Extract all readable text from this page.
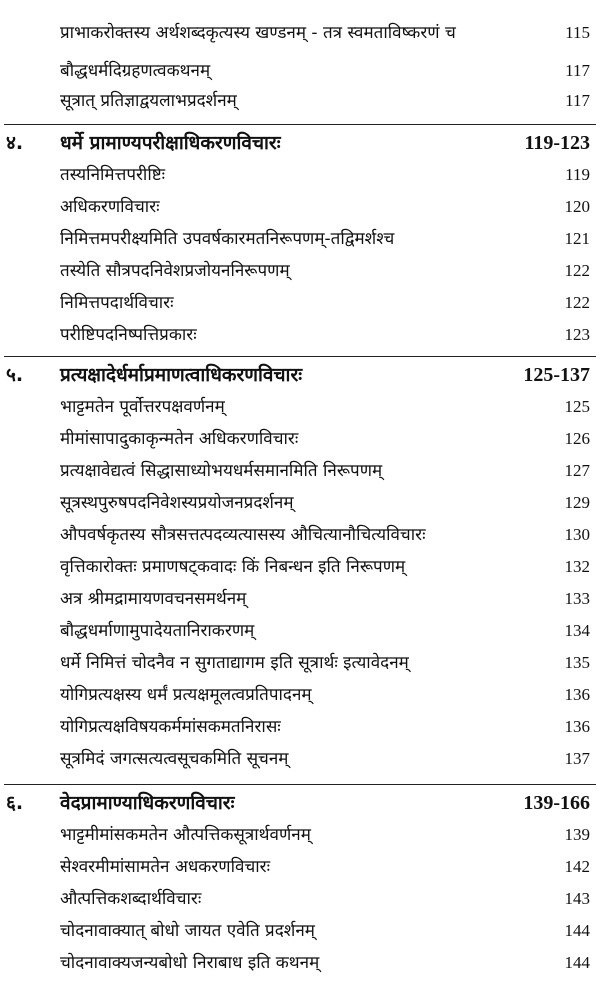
प्राभाकरोक्तस्य अर्थशब्दकृत्यस्य खण्डनम् - तत्र स्वमताविष्करणं च	115
बौद्धधर्मदिग्रहणत्वकथनम्	117
सूत्रात् प्रतिज्ञाद्वयलाभप्रदर्शनम्	117
४. धर्मे प्रामाण्यपरीक्षाधिकरणविचारः	119-123
तस्यनिमित्तपरीष्टिः	119
अधिकरणविचारः	120
निमित्तमपरीक्ष्यमिति उपवर्षकारमतनिरूपणम्-तद्विमर्शश्च	121
तस्येति सौत्रपदनिवेशप्रजोयननिरूपणम्	122
निमित्तपदार्थविचारः	122
परीष्टिपदनिष्पत्तिप्रकारः	123
५. प्रत्यक्षादेर्धर्माप्रमाणत्वाधिकरणविचारः	125-137
भाट्टमतेन पूर्वोत्तरपक्षवर्णनम्	125
मीमांसापादुकाकृन्मतेन अधिकरणविचारः	126
प्रत्यक्षावेद्यत्वं सिद्धासाध्योभयधर्मसमानमिति निरूपणम्	127
सूत्रस्थपुरुषपदनिवेशस्यप्रयोजनप्रदर्शनम्	129
औपवर्षकृतस्य सौत्रसत्तत्पदव्यत्यासस्य औचित्यानौचित्यविचारः	130
वृत्तिकारोक्तः प्रमाणषट्कवादः किं निबन्धन इति निरूपणम्	132
अत्र श्रीमद्रामायणवचनसमर्थनम्	133
बौद्धधर्माणामुपादेयतानिराकरणम्	134
धर्मे निमित्तं चोदनैव न सुगताद्यागम इति सूत्रार्थः इत्यावेदनम्	135
योगिप्रत्यक्षस्य धर्मं प्रत्यक्षमूलत्वप्रतिपादनम्	136
योगिप्रत्यक्षविषयकर्ममांसकमतनिरासः	136
सूत्रमिदं जगत्सत्यत्वसूचकमिति सूचनम्	137
६. वेदप्रामाण्याधिकरणविचारः	139-166
भाट्टमीमांसकमतेन औत्पत्तिकसूत्रार्थवर्णनम्	139
सेश्वरमीमांसामतेन अधकरणविचारः	142
औत्पत्तिकशब्दार्थविचारः	143
चोदनावाक्यात् बोधो जायत एवेति प्रदर्शनम्	144
चोदनावाक्यजन्यबोधो निराबाध इति कथनम्	144
